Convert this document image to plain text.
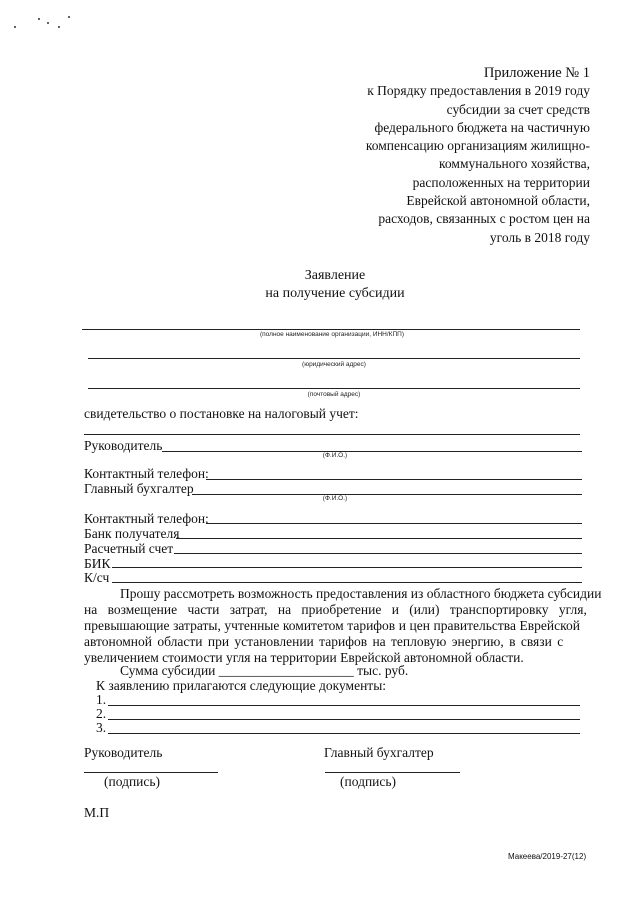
Приложение № 1
к Порядку предоставления в 2019 году
субсидии за счет средств
федерального бюджета на частичную
компенсацию организациям жилищно-
коммунального хозяйства,
расположенных на территории
Еврейской автономной области,
расходов, связанных с ростом цен на
уголь в 2018 году
Заявление
на получение субсидии
(полное наименование организации, ИНН/КПП)
(юридический адрес)
(почтовый адрес)
свидетельство о постановке на налоговый учет:
Руководитель
(Ф.И.О.)
Контактный телефон:
Главный бухгалтер
(Ф.И.О.)
Контактный телефон:
Банк получателя
Расчетный счет
БИК
К/сч
Прошу рассмотреть возможность предоставления из областного бюджета субсидии
на возмещение части затрат, на приобретение и (или) транспортировку угля,
превышающие затраты, учтенные комитетом тарифов и цен правительства Еврейской
автономной области при установлении тарифов на тепловую энергию, в связи с
увеличением стоимости угля на территории Еврейской автономной области.
Сумма субсидии ____________________ тыс. руб.
К заявлению прилагаются следующие документы:
1.
2.
3.
Руководитель	Главный бухгалтер
(подпись)	(подпись)
М.П
Макеева/2019-27(12)
